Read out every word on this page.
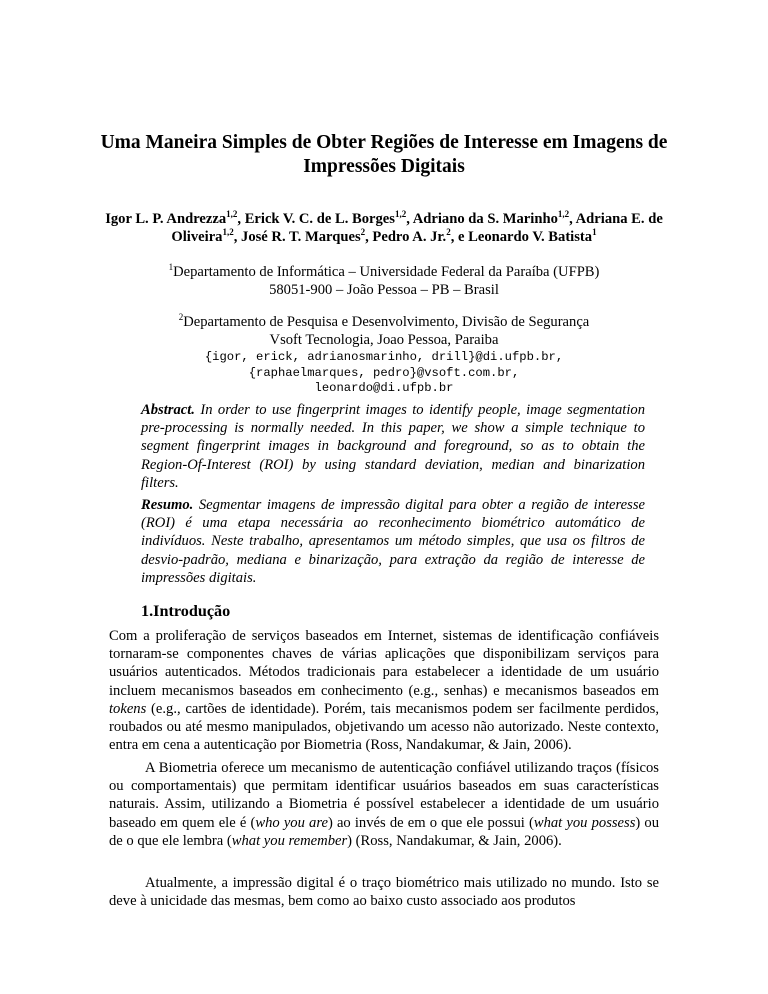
Uma Maneira Simples de Obter Regiões de Interesse em Imagens de Impressões Digitais
Igor L. P. Andrezza$^{1,2}$, Erick V. C. de L. Borges$^{1,2}$, Adriano da S. Marinho$^{1,2}$, Adriana E. de Oliveira$^{1,2}$, José R. T. Marques$^2$, Pedro A. Jr.$^2$, e Leonardo V. Batista$^1$
$^1$Departamento de Informática – Universidade Federal da Paraíba (UFPB)
58051-900 – João Pessoa – PB – Brasil
$^2$Departamento de Pesquisa e Desenvolvimento, Divisão de Segurança
Vsoft Tecnologia, Joao Pessoa, Paraiba
{igor, erick, adrianosmarinho, drill}@di.ufpb.br,
{raphaelmarques, pedro}@vsoft.com.br,
leonardo@di.ufpb.br
Abstract. In order to use fingerprint images to identify people, image segmentation pre-processing is normally needed. In this paper, we show a simple technique to segment fingerprint images in background and foreground, so as to obtain the Region-Of-Interest (ROI) by using standard deviation, median and binarization filters.
Resumo. Segmentar imagens de impressão digital para obter a região de interesse (ROI) é uma etapa necessária ao reconhecimento biométrico automático de indivíduos. Neste trabalho, apresentamos um método simples, que usa os filtros de desvio-padrão, mediana e binarização, para extração da região de interesse de impressões digitais.
1.Introdução
Com a proliferação de serviços baseados em Internet, sistemas de identificação confiáveis tornaram-se componentes chaves de várias aplicações que disponibilizam serviços para usuários autenticados. Métodos tradicionais para estabelecer a identidade de um usuário incluem mecanismos baseados em conhecimento (e.g., senhas) e mecanismos baseados em tokens (e.g., cartões de identidade). Porém, tais mecanismos podem ser facilmente perdidos, roubados ou até mesmo manipulados, objetivando um acesso não autorizado. Neste contexto, entra em cena a autenticação por Biometria (Ross, Nandakumar, & Jain, 2006).
A Biometria oferece um mecanismo de autenticação confiável utilizando traços (físicos ou comportamentais) que permitam identificar usuários baseados em suas características naturais. Assim, utilizando a Biometria é possível estabelecer a identidade de um usuário baseado em quem ele é (who you are) ao invés de em o que ele possui (what you possess) ou de o que ele lembra (what you remember) (Ross, Nandakumar, & Jain, 2006).
Atualmente, a impressão digital é o traço biométrico mais utilizado no mundo. Isto se deve à unicidade das mesmas, bem como ao baixo custo associado aos produtos
